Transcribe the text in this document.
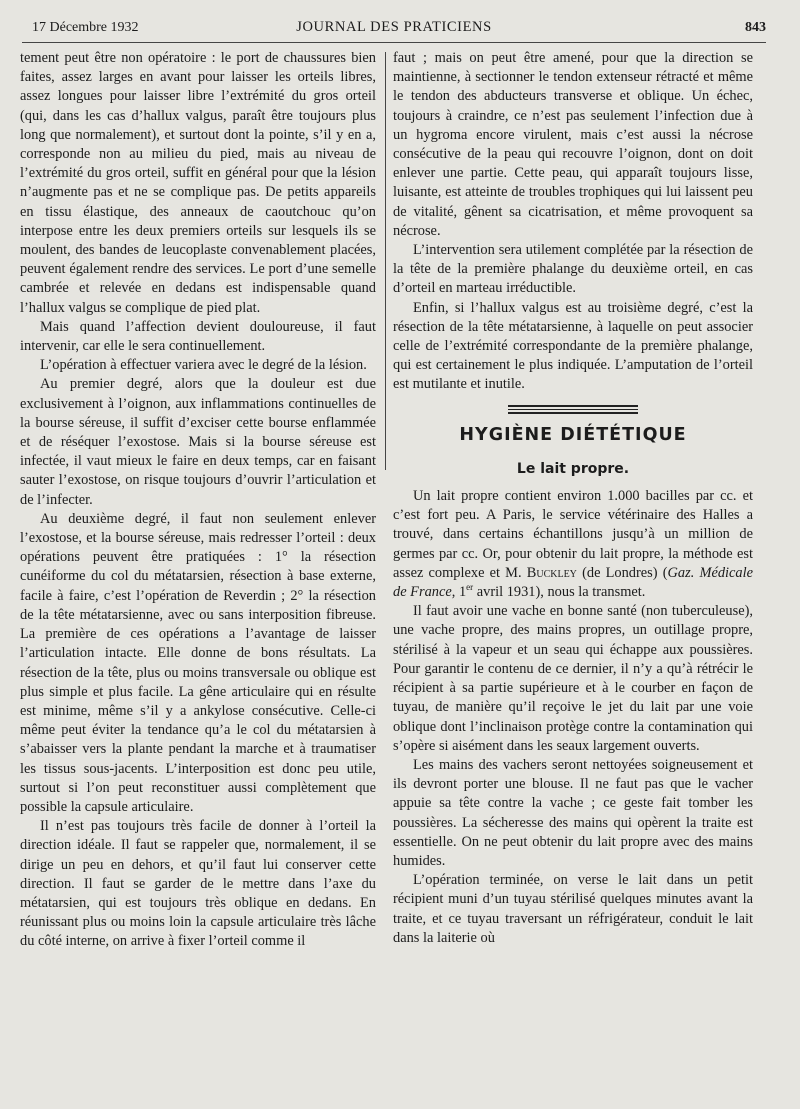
17 Décembre 1932	JOURNAL DES PRATICIENS	843

tement peut être non opératoire : le port de chaussures bien faites, assez larges en avant pour laisser les orteils libres, assez longues pour laisser libre l’extrémité du gros orteil (qui, dans les cas d’hallux valgus, paraît être toujours plus long que normalement), et surtout dont la pointe, s’il y en a, corresponde non au milieu du pied, mais au niveau de l’extrémité du gros orteil, suffit en général pour que la lésion n’augmente pas et ne se complique pas. De petits appareils en tissu élastique, des anneaux de caoutchouc qu’on interpose entre les deux premiers orteils sur lesquels ils se moulent, des bandes de leucoplaste convenablement placées, peuvent également rendre des services. Le port d’une semelle cambrée et relevée en dedans est indispensable quand l’hallux valgus se complique de pied plat.

Mais quand l’affection devient douloureuse, il faut intervenir, car elle le sera continuellement.

L’opération à effectuer variera avec le degré de la lésion.

Au premier degré, alors que la douleur est due exclusivement à l’oignon, aux inflammations continuelles de la bourse séreuse, il suffit d’exciser cette bourse enflammée et de réséquer l’exostose. Mais si la bourse séreuse est infectée, il vaut mieux le faire en deux temps, car en faisant sauter l’exostose, on risque toujours d’ouvrir l’articulation et de l’infecter.

Au deuxième degré, il faut non seulement enlever l’exostose, et la bourse séreuse, mais redresser l’orteil : deux opérations peuvent être pratiquées : 1° la résection cunéiforme du col du métatarsien, résection à base externe, facile à faire, c’est l’opération de Reverdin ; 2° la résection de la tête métatarsienne, avec ou sans interposition fibreuse. La première de ces opérations a l’avantage de laisser l’articulation intacte. Elle donne de bons résultats. La résection de la tête, plus ou moins transversale ou oblique est plus simple et plus facile. La gêne articulaire qui en résulte est minime, même s’il y a ankylose consécutive. Celle-ci même peut éviter la tendance qu’a le col du métatarsien à s’abaisser vers la plante pendant la marche et à traumatiser les tissus sous-jacents. L’interposition est donc peu utile, surtout si l’on peut reconstituer aussi complètement que possible la capsule articulaire.

Il n’est pas toujours très facile de donner à l’orteil la direction idéale. Il faut se rappeler que, normalement, il se dirige un peu en dehors, et qu’il faut lui conserver cette direction. Il faut se garder de le mettre dans l’axe du métatarsien, qui est toujours très oblique en dedans. En réunissant plus ou moins loin la capsule articulaire très lâche du côté interne, on arrive à fixer l’orteil comme il

faut ; mais on peut être amené, pour que la direction se maintienne, à sectionner le tendon extenseur rétracté et même le tendon des abducteurs transverse et oblique. Un échec, toujours à craindre, ce n’est pas seulement l’infection due à un hygroma encore virulent, mais c’est aussi la nécrose consécutive de la peau qui recouvre l’oignon, dont on doit enlever une partie. Cette peau, qui apparaît toujours lisse, luisante, est atteinte de troubles trophiques qui lui laissent peu de vitalité, gênent sa cicatrisation, et même provoquent sa nécrose.

L’intervention sera utilement complétée par la résection de la tête de la première phalange du deuxième orteil, en cas d’orteil en marteau irréductible.

Enfin, si l’hallux valgus est au troisième degré, c’est la résection de la tête métatarsienne, à laquelle on peut associer celle de l’extrémité correspondante de la première phalange, qui est certainement le plus indiquée. L’amputation de l’orteil est mutilante et inutile.

HYGIÈNE DIÉTÉTIQUE
Le lait propre.

Un lait propre contient environ 1.000 bacilles par cc. et c’est fort peu. A Paris, le service vétérinaire des Halles a trouvé, dans certains échantillons jusqu’à un million de germes par cc. Or, pour obtenir du lait propre, la méthode est assez complexe et M. Buckley (de Londres) (Gaz. Médicale de France, 1er avril 1931), nous la transmet.

Il faut avoir une vache en bonne santé (non tuberculeuse), une vache propre, des mains propres, un outillage propre, stérilisé à la vapeur et un seau qui échappe aux poussières. Pour garantir le contenu de ce dernier, il n’y a qu’à rétrécir le récipient à sa partie supérieure et à le courber en façon de tuyau, de manière qu’il reçoive le jet du lait par une voie oblique dont l’inclinaison protège contre la contamination qui s’opère si aisément dans les seaux largement ouverts.

Les mains des vachers seront nettoyées soigneusement et ils devront porter une blouse. Il ne faut pas que le vacher appuie sa tête contre la vache ; ce geste fait tomber les poussières. La sécheresse des mains qui opèrent la traite est essentielle. On ne peut obtenir du lait propre avec des mains humides.

L’opération terminée, on verse le lait dans un petit récipient muni d’un tuyau stérilisé quelques minutes avant la traite, et ce tuyau traversant un réfrigérateur, conduit le lait dans la laiterie où
